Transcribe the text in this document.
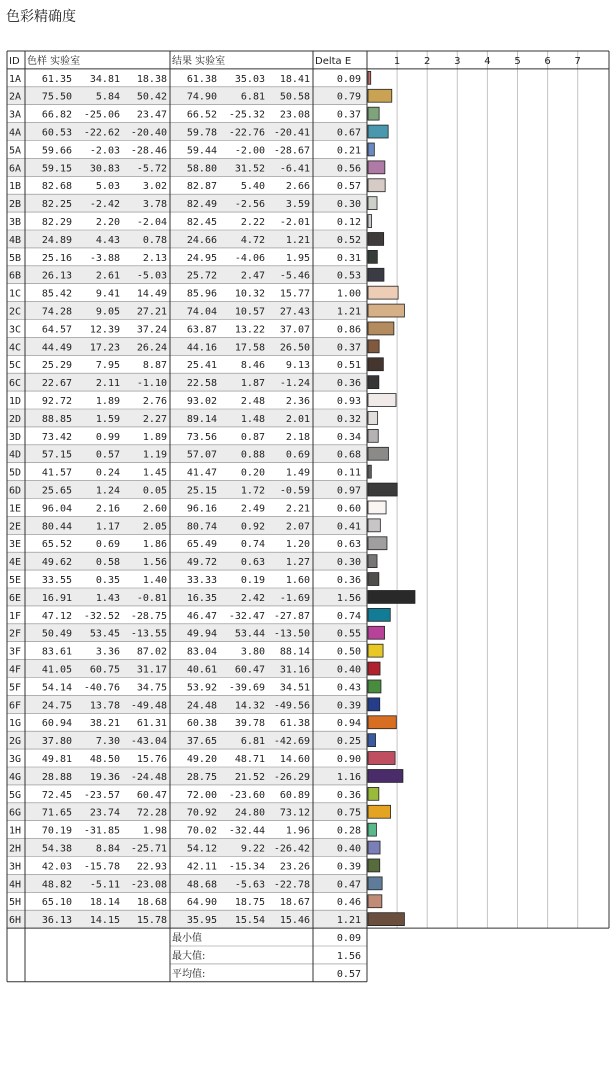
色彩精确度
ID 色样 实验室	结果 实验室	Delta E	1 2 3 4 5 6 7
1A 61.35 34.81 18.38 61.38 35.03 18.41	0.09
2A 75.50 5.84 50.42 74.90 6.81 50.58	0.79
3A 66.82 -25.06 23.47 66.52 -25.32 23.08	0.37
4A 60.53 -22.62 -20.40 59.78 -22.76 -20.41	0.67
5A 59.66 -2.03 -28.46 59.44 -2.00 -28.67	0.21
6A 59.15 30.83 -5.72 58.80 31.52 -6.41	0.56
1B 82.68 5.03 3.02 82.87 5.40 2.66	0.57
2B 82.25 -2.42 3.78 82.49 -2.56 3.59	0.30
3B 82.29 2.20 -2.04 82.45 2.22 -2.01	0.12
4B 24.89 4.43 0.78 24.66 4.72 1.21	0.52
5B 25.16 -3.88 2.13 24.95 -4.06 1.95	0.31
6B 26.13 2.61 -5.03 25.72 2.47 -5.46	0.53
1C 85.42 9.41 14.49 85.96 10.32 15.77	1.00
2C 74.28 9.05 27.21 74.04 10.57 27.43	1.21
3C 64.57 12.39 37.24 63.87 13.22 37.07	0.86
4C 44.49 17.23 26.24 44.16 17.58 26.50	0.37
5C 25.29 7.95 8.87 25.41 8.46 9.13	0.51
6C 22.67 2.11 -1.10 22.58 1.87 -1.24	0.36
1D 92.72 1.89 2.76 93.02 2.48 2.36	0.93
2D 88.85 1.59 2.27 89.14 1.48 2.01	0.32
3D 73.42 0.99 1.89 73.56 0.87 2.18	0.34
4D 57.15 0.57 1.19 57.07 0.88 0.69	0.68
5D 41.57 0.24 1.45 41.47 0.20 1.49	0.11
6D 25.65 1.24 0.05 25.15 1.72 -0.59	0.97
1E 96.04 2.16 2.60 96.16 2.49 2.21	0.60
2E 80.44 1.17 2.05 80.74 0.92 2.07	0.41
3E 65.52 0.69 1.86 65.49 0.74 1.20	0.63
4E 49.62 0.58 1.56 49.72 0.63 1.27	0.30
5E 33.55 0.35 1.40 33.33 0.19 1.60	0.36
6E 16.91 1.43 -0.81 16.35 2.42 -1.69	1.56
1F 47.12 -32.52 -28.75 46.47 -32.47 -27.87	0.74
2F 50.49 53.45 -13.55 49.94 53.44 -13.50	0.55
3F 83.61 3.36 87.02 83.04 3.80 88.14	0.50
4F 41.05 60.75 31.17 40.61 60.47 31.16	0.40
5F 54.14 -40.76 34.75 53.92 -39.69 34.51	0.43
6F 24.75 13.78 -49.48 24.48 14.32 -49.56	0.39
1G 60.94 38.21 61.31 60.38 39.78 61.38	0.94
2G 37.80 7.30 -43.04 37.65 6.81 -42.69	0.25
3G 49.81 48.50 15.76 49.20 48.71 14.60	0.90
4G 28.88 19.36 -24.48 28.75 21.52 -26.29	1.16
5G 72.45 -23.57 60.47 72.00 -23.60 60.89	0.36
6G 71.65 23.74 72.28 70.92 24.80 73.12	0.75
1H 70.19 -31.85 1.98 70.02 -32.44 1.96	0.28
2H 54.38 8.84 -25.71 54.12 9.22 -26.42	0.40
3H 42.03 -15.78 22.93 42.11 -15.34 23.26	0.39
4H 48.82 -5.11 -23.08 48.68 -5.63 -22.78	0.47
5H 65.10 18.14 18.68 64.90 18.75 18.67	0.46
6H 36.13 14.15 15.78 35.95 15.54 15.46	1.21
最小值	0.09
最大值:	1.56
平均值:	0.57
